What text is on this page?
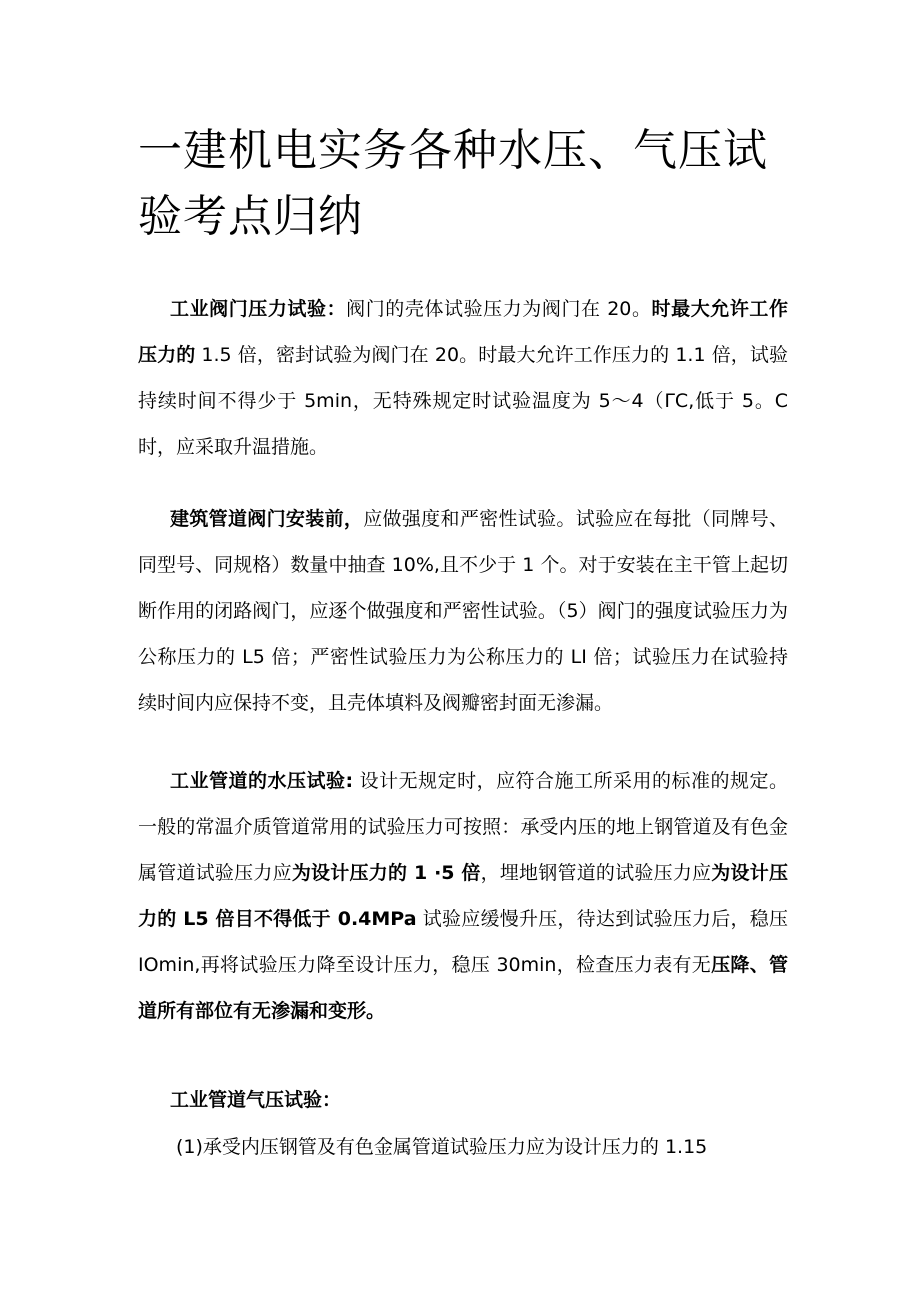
一建机电实务各种水压、气压试验考点归纳

工业阀门压力试验：阀门的壳体试验压力为阀门在 20。时最大允许工作压力的 1.5 倍，密封试验为阀门在 20。时最大允许工作压力的 1.1 倍，试验持续时间不得少于 5min，无特殊规定时试验温度为 5～4（ΓC,低于 5。C 时，应采取升温措施。

建筑管道阀门安装前，应做强度和严密性试验。试验应在每批（同牌号、同型号、同规格）数量中抽查 10%,且不少于 1 个。对于安装在主干管上起切断作用的闭路阀门，应逐个做强度和严密性试验。（5）阀门的强度试验压力为公称压力的 L5 倍；严密性试验压力为公称压力的 LI 倍；试验压力在试验持续时间内应保持不变，且壳体填料及阀瓣密封面无渗漏。

工业管道的水压试验: 设计无规定时，应符合施工所采用的标准的规定。一般的常温介质管道常用的试验压力可按照：承受内压的地上钢管道及有色金属管道试验压力应为设计压力的 1 ·5 倍，埋地钢管道的试验压力应为设计压力的 L5 倍目不得低于 0.4MPa 试验应缓慢升压，待达到试验压力后，稳压 IOmin,再将试验压力降至设计压力，稳压 30min，检查压力表有无压降、管道所有部位有无渗漏和变形。

工业管道气压试验：

(1)承受内压钢管及有色金属管道试验压力应为设计压力的 1.15
